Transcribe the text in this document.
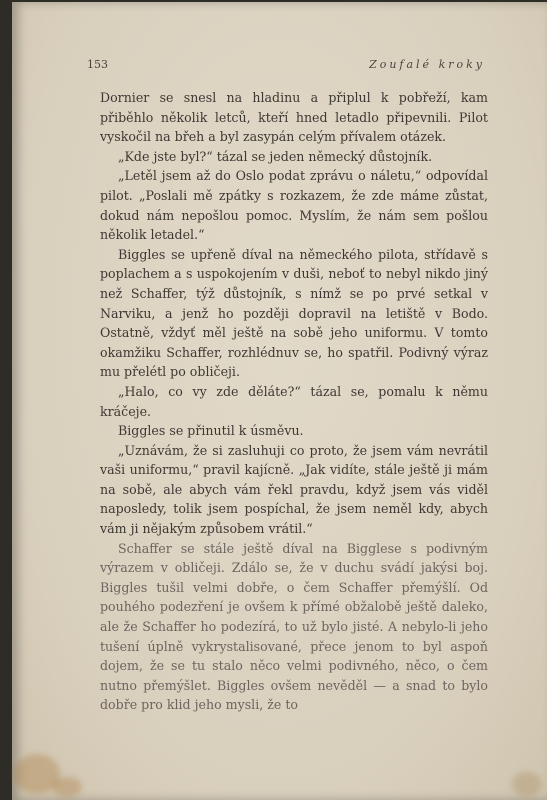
153	Zoufalé kroky

Dornier se snesl na hladinu a připlul k pobřeží, kam přiběhlo několik letců, kteří hned letadlo připevnili. Pilot vyskočil na břeh a byl zasypán celým přívalem otázek.

„Kde jste byl?“ tázal se jeden německý důstojník.

„Letěl jsem až do Oslo podat zprávu o náletu,“ odpovídal pilot. „Poslali mě zpátky s rozkazem, že zde máme zůstat, dokud nám nepošlou pomoc. Myslím, že nám sem pošlou několik letadel.“

Biggles se upřeně díval na německého pilota, střídavě s poplachem a s uspokojením v duši, neboť to nebyl nikdo jiný než Schaffer, týž důstojník, s nímž se po prvé setkal v Narviku, a jenž ho později dopravil na letiště v Bodo. Ostatně, vždyť měl ještě na sobě jeho uniformu. V tomto okamžiku Schaffer, rozhlédnuv se, ho spatřil. Podivný výraz mu přelétl po obličeji.

„Halo, co vy zde děláte?“ tázal se, pomalu k němu kráčeje.

Biggles se přinutil k úsměvu.

„Uznávám, že si zasluhuji co proto, že jsem vám nevrátil vaši uniformu,“ pravil kajícně. „Jak vidíte, stále ještě ji mám na sobě, ale abych vám řekl pravdu, když jsem vás viděl naposledy, tolik jsem pospíchal, že jsem neměl kdy, abych vám ji nějakým způsobem vrátil.“

Schaffer se stále ještě díval na Bigglese s podivným výrazem v obličeji. Zdálo se, že v duchu svádí jakýsi boj. Biggles tušil velmi dobře, o čem Schaffer přemýšlí. Od pouhého podezření je ovšem k přímé obžalobě ještě daleko, ale že Schaffer ho podezírá, to už bylo jisté. A nebylo-li jeho tušení úplně vykrystalisované, přece jenom to byl aspoň dojem, že se tu stalo něco velmi podivného, něco, o čem nutno přemýšlet. Biggles ovšem nevěděl — a snad to bylo dobře pro klid jeho mysli, že to
